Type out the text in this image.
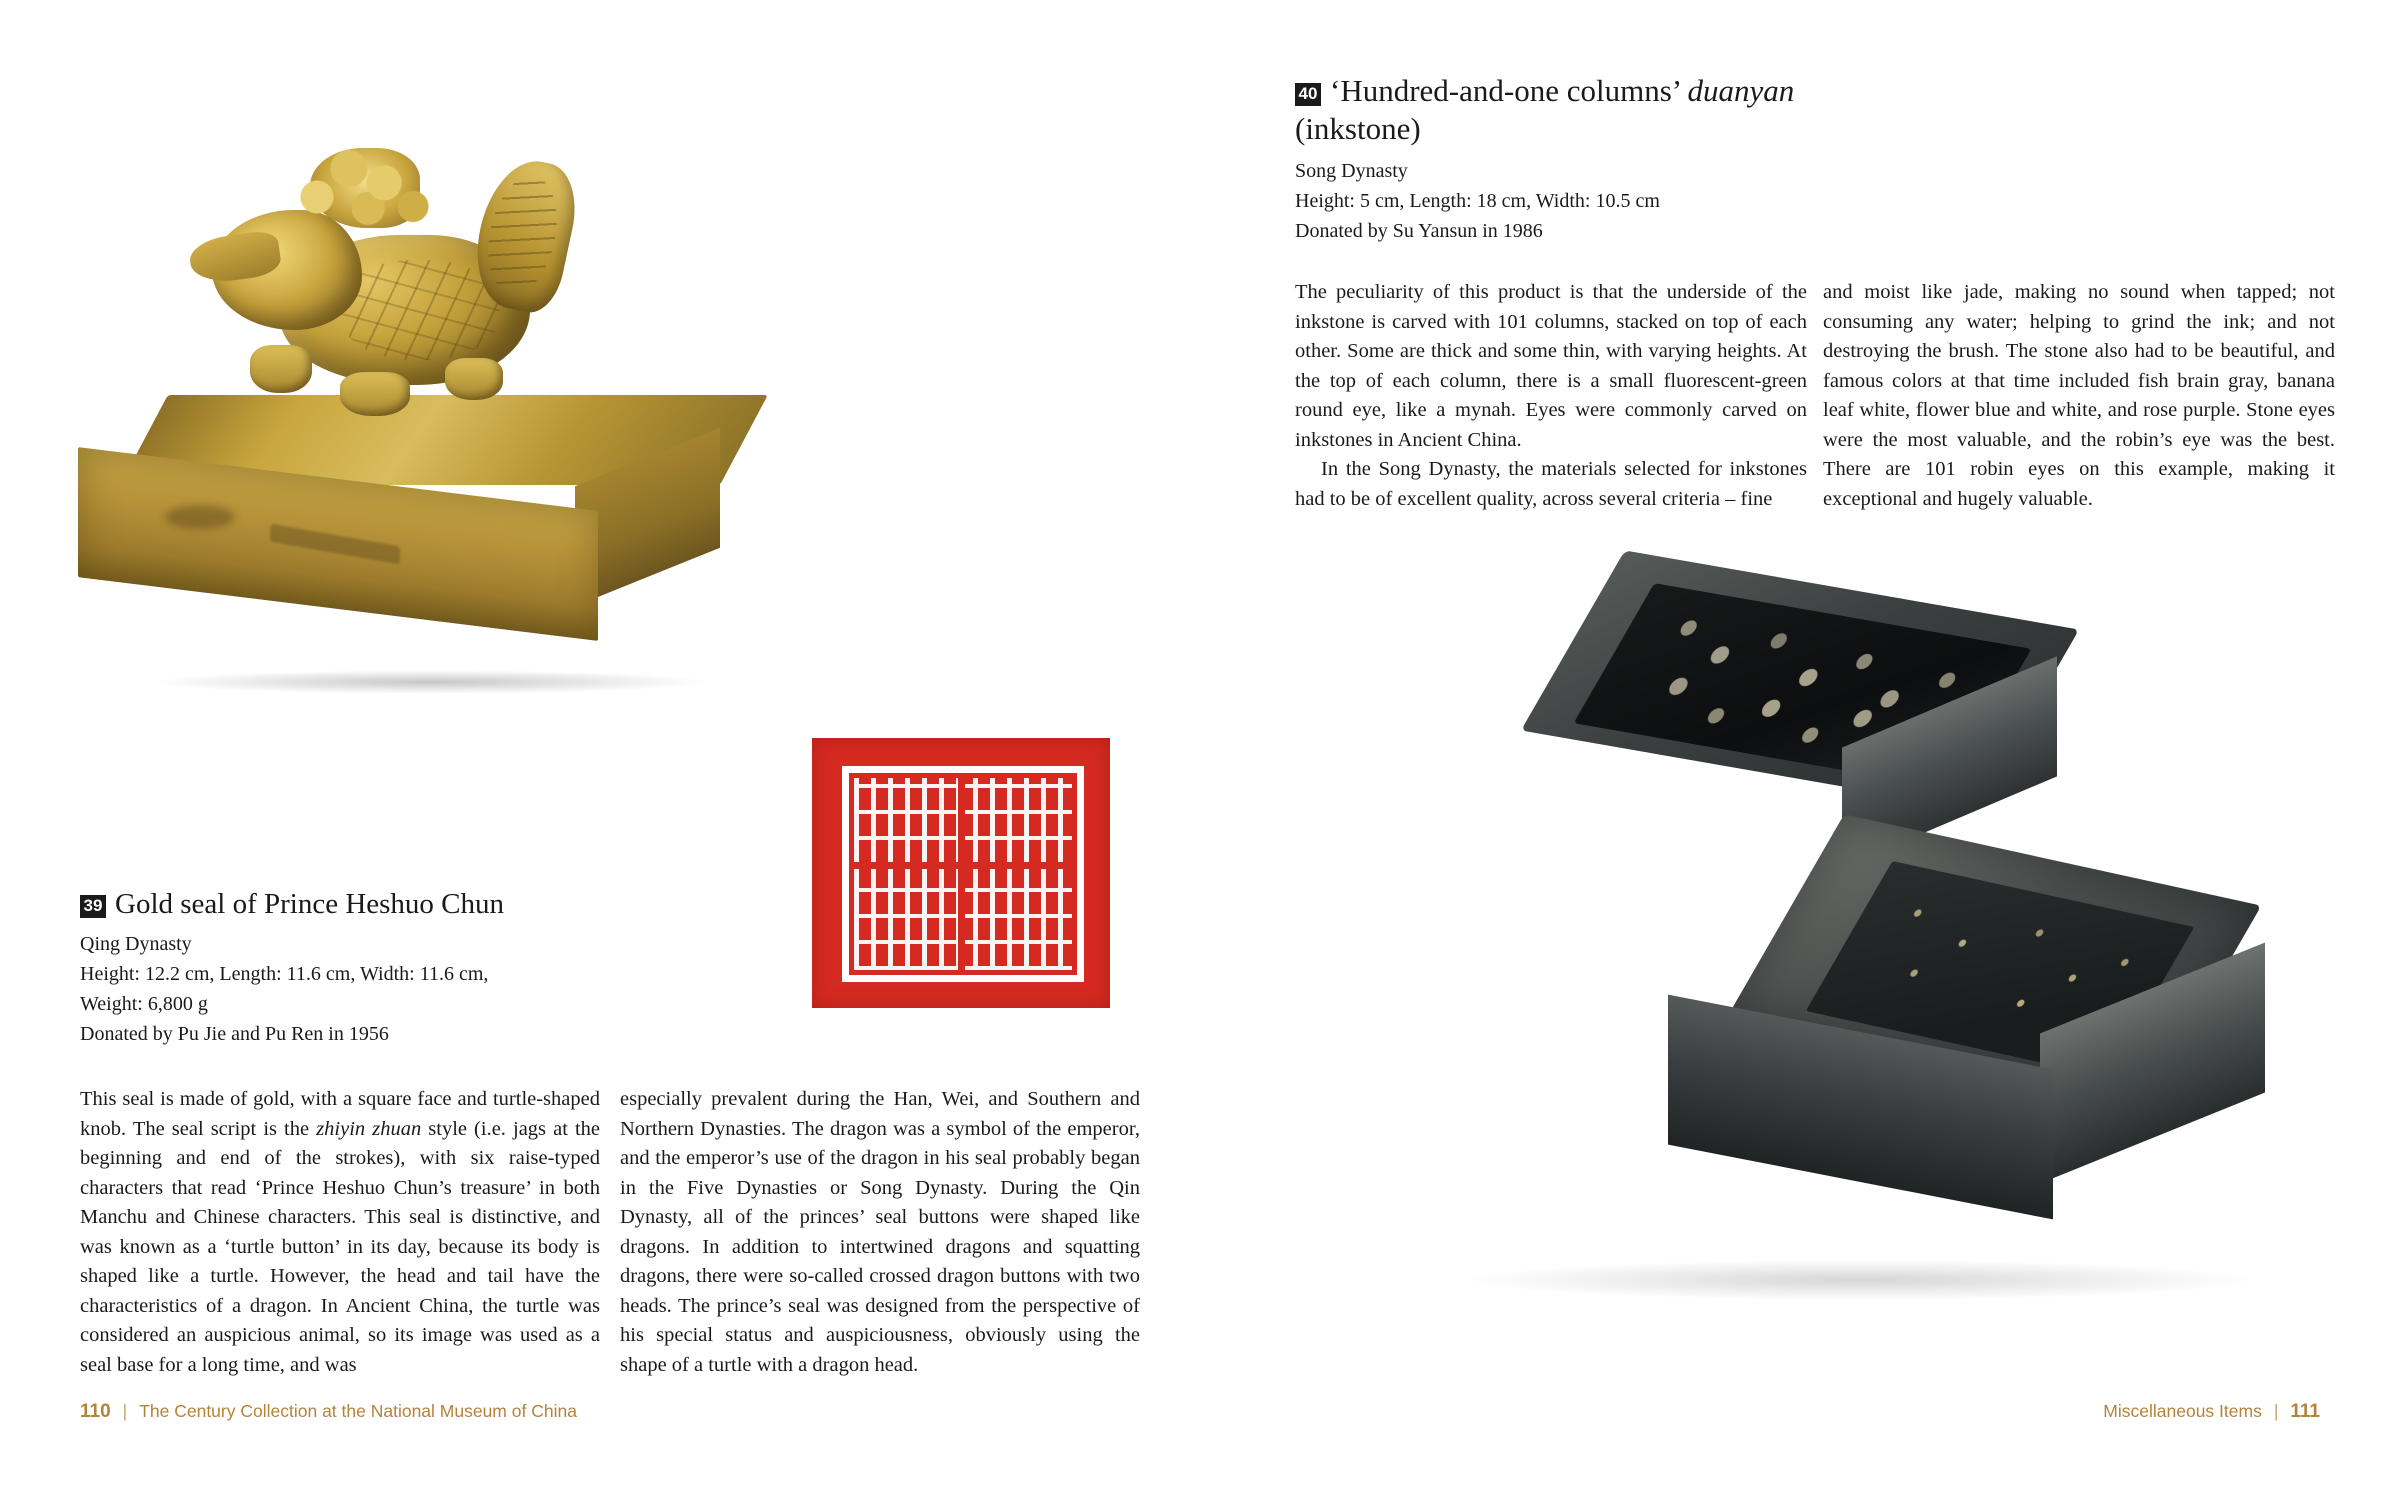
39 Gold seal of Prince Heshuo Chun
Qing Dynasty
Height: 12.2 cm, Length: 11.6 cm, Width: 11.6 cm,
Weight: 6,800 g
Donated by Pu Jie and Pu Ren in 1956

This seal is made of gold, with a square face and turtle-shaped knob. The seal script is the zhiyin zhuan style (i.e. jags at the beginning and end of the strokes), with six raise-typed characters that read ‘Prince Heshuo Chun’s treasure’ in both Manchu and Chinese characters. This seal is distinctive, and was known as a ‘turtle button’ in its day, because its body is shaped like a turtle. However, the head and tail have the characteristics of a dragon. In Ancient China, the turtle was considered an auspicious animal, so its image was used as a seal base for a long time, and was

especially prevalent during the Han, Wei, and Southern and Northern Dynasties. The dragon was a symbol of the emperor, and the emperor’s use of the dragon in his seal probably began in the Five Dynasties or Song Dynasty. During the Qin Dynasty, all of the princes’ seal buttons were shaped like dragons. In addition to intertwined dragons and squatting dragons, there were so-called crossed dragon buttons with two heads. The prince’s seal was designed from the perspective of his special status and auspiciousness, obviously using the shape of a turtle with a dragon head.

110 | The Century Collection at the National Museum of China
40 ‘Hundred-and-one columns’ duanyan
(inkstone)
Song Dynasty
Height: 5 cm, Length: 18 cm, Width: 10.5 cm
Donated by Su Yansun in 1986

The peculiarity of this product is that the underside of the inkstone is carved with 101 columns, stacked on top of each other. Some are thick and some thin, with varying heights. At the top of each column, there is a small fluorescent-green round eye, like a mynah. Eyes were commonly carved on inkstones in Ancient China.

In the Song Dynasty, the materials selected for inkstones had to be of excellent quality, across several criteria – fine

and moist like jade, making no sound when tapped; not consuming any water; helping to grind the ink; and not destroying the brush. The stone also had to be beautiful, and famous colors at that time included fish brain gray, banana leaf white, flower blue and white, and rose purple. Stone eyes were the most valuable, and the robin’s eye was the best. There are 101 robin eyes on this example, making it exceptional and hugely valuable.

Miscellaneous Items | 111
